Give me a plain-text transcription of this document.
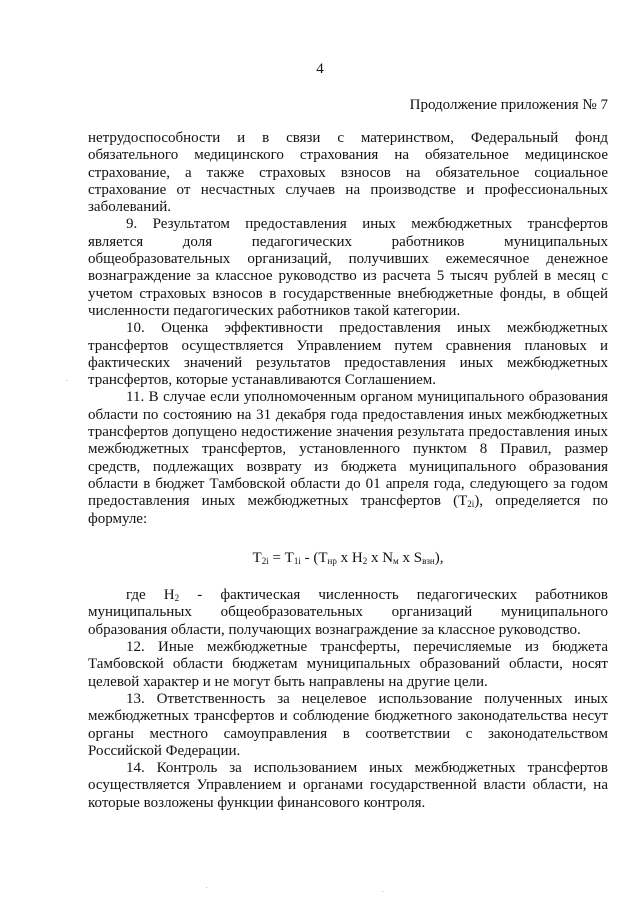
4
Продолжение приложения № 7

нетрудоспособности и в связи с материнством, Федеральный фонд обязательного медицинского страхования на обязательное медицинское страхование, а также страховых взносов на обязательное социальное страхование от несчастных случаев на производстве и профессиональных заболеваний.

9. Результатом предоставления иных межбюджетных трансфертов является доля педагогических работников муниципальных общеобразовательных организаций, получивших ежемесячное денежное вознаграждение за классное руководство из расчета 5 тысяч рублей в месяц с учетом страховых взносов в государственные внебюджетные фонды, в общей численности педагогических работников такой категории.

10. Оценка эффективности предоставления иных межбюджетных трансфертов осуществляется Управлением путем сравнения плановых и фактических значений результатов предоставления иных межбюджетных трансфертов, которые устанавливаются Соглашением.

11. В случае если уполномоченным органом муниципального образования области по состоянию на 31 декабря года предоставления иных межбюджетных трансфертов допущено недостижение значения результата предоставления иных межбюджетных трансфертов, установленного пунктом 8 Правил, размер средств, подлежащих возврату из бюджета муниципального образования области в бюджет Тамбовской области до 01 апреля года, следующего за годом предоставления иных межбюджетных трансфертов $(Т_{2i})$, определяется по формуле:

$Т_{2i} = Т_{1i} - (Т_{нр}$ х $Н_2$ х $N_м$ х $S_{взн}$),

где $Н_2$ - фактическая численность педагогических работников муниципальных общеобразовательных организаций муниципального образования области, получающих вознаграждение за классное руководство.

12. Иные межбюджетные трансферты, перечисляемые из бюджета Тамбовской области бюджетам муниципальных образований области, носят целевой характер и не могут быть направлены на другие цели.

13. Ответственность за нецелевое использование полученных иных межбюджетных трансфертов и соблюдение бюджетного законодательства несут органы местного самоуправления в соответствии с законодательством Российской Федерации.

14. Контроль за использованием иных межбюджетных трансфертов осуществляется Управлением и органами государственной власти области, на которые возложены функции финансового контроля.
